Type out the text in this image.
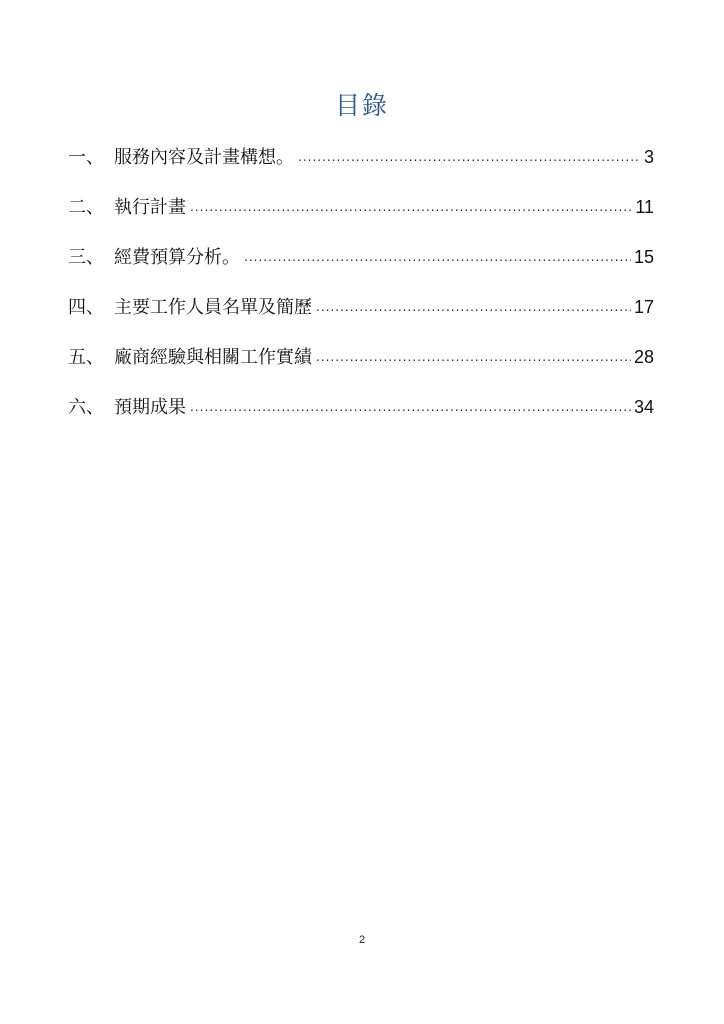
目錄
一、 服務內容及計畫構想。 .....	3
二、 執行計畫 .....	11
三、 經費預算分析。 .....	15
四、 主要工作人員名單及簡歷 .....	17
五、 廠商經驗與相關工作實績 .....	28
六、 預期成果 .....	34
2
